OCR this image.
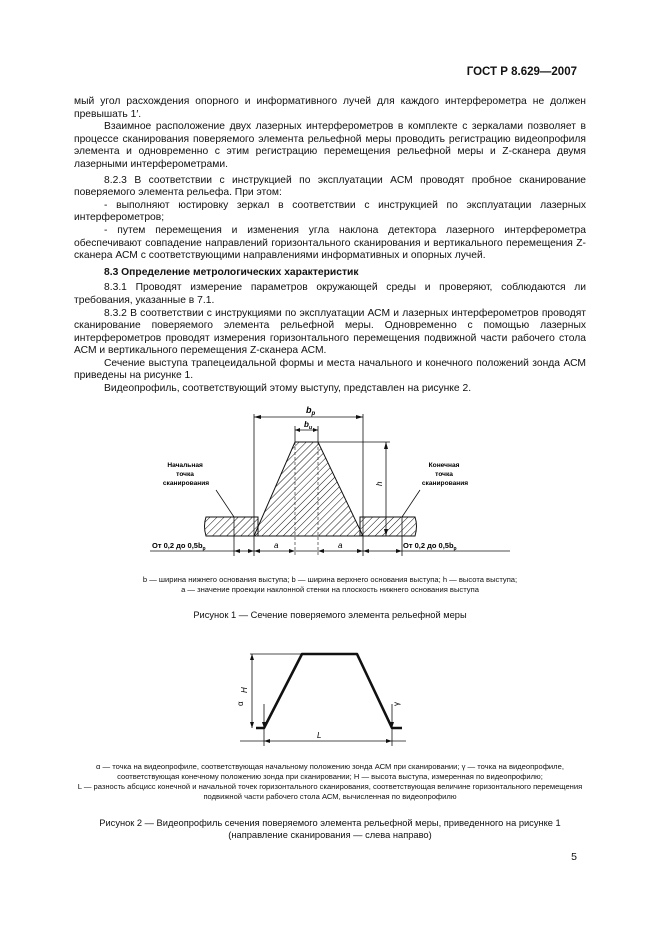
ГОСТ Р 8.629—2007

мый угол расхождения опорного и информативного лучей для каждого интерферометра не должен превышать 1′.

Взаимное расположение двух лазерных интерферометров в комплекте с зеркалами позволяет в процессе сканирования поверяемого элемента рельефной меры проводить регистрацию видеопрофиля элемента и одновременно с этим регистрацию перемещения рельефной меры и Z-сканера двумя лазерными интерферометрами.

8.2.3 В соответствии с инструкцией по эксплуатации АСМ проводят пробное сканирование поверяемого элемента рельефа. При этом:

- выполняют юстировку зеркал в соответствии с инструкцией по эксплуатации лазерных интерферометров;

- путем перемещения и изменения угла наклона детектора лазерного интерферометра обеспечивают совпадение направлений горизонтального сканирования и вертикального перемещения Z-сканера АСМ с соответствующими направлениями информативных и опорных лучей.

8.3 Определение метрологических характеристик

8.3.1 Проводят измерение параметров окружающей среды и проверяют, соблюдаются ли требования, указанные в 7.1.

8.3.2 В соответствии с инструкциями по эксплуатации АСМ и лазерных интерферометров проводят сканирование поверяемого элемента рельефной меры. Одновременно с помощью лазерных интерферометров проводят измерения горизонтального перемещения подвижной части рабочего стола АСМ и вертикального перемещения Z-сканера АСМ.

Сечение выступа трапецеидальной формы и места начального и конечного положений зонда АСМ приведены на рисунке 1.

Видеопрофиль, соответствующий этому выступу, представлен на рисунке 2.

$b_p$
$b_u$
h
Начальная точка сканирования
Конечная точка сканирования
От 0,2 до $0,5b_p$	От 0,2 до $0,5b_p$
a	a
b — ширина нижнего основания выступа; b — ширина верхнего основания выступа; h — высота выступа;
a — значение проекции наклонной стенки на плоскость нижнего основания выступа
Рисунок 1 — Сечение поверяемого элемента рельефной меры
H
α	γ
L
α — точка на видеопрофиле, соответствующая начальному положению зонда АСМ при сканировании; γ — точка на видеопрофиле, соответствующая конечному положению зонда при сканировании; H — высота выступа, измеренная по видеопрофилю;
L — разность абсцисс конечной и начальной точек горизонтального сканирования, соответствующая величине горизонтального перемещения подвижной части рабочего стола АСМ, вычисленная по видеопрофилю
Рисунок 2 — Видеопрофиль сечения поверяемого элемента рельефной меры, приведенного на рисунке 1 (направление сканирования — слева направо)
5
